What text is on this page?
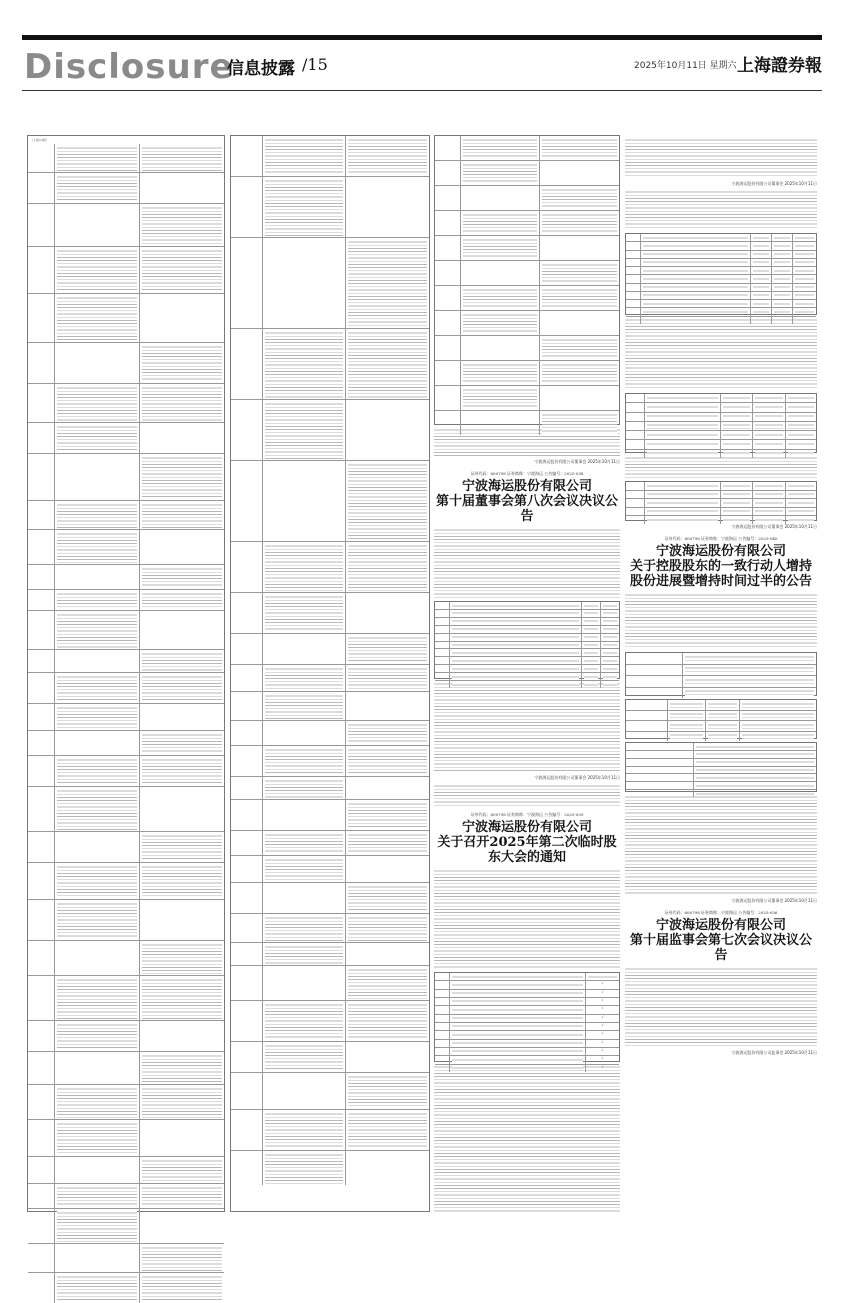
Disclosure
信息披露 /15	2025年10月11日 星期六 上海證券報
（上接14版）
宁波海运股份有限公司董事会 2025年10月11日
证券代码：600798 证券简称：宁波海运 公告编号：2025-038
宁波海运股份有限公司
第十届董事会第八次会议决议公告
宁波海运股份有限公司董事会 2025年10月11日
证券代码：600798 证券简称：宁波海运 公告编号：2025-039
宁波海运股份有限公司
关于召开2025年第二次临时股东大会的通知
√
√
√
√
√
√
√
√
√
√
√
宁波海运股份有限公司董事会 2025年10月11日
宁波海运股份有限公司董事会 2025年10月11日
证券代码：600798 证券简称：宁波海运 公告编号：2025-040
宁波海运股份有限公司
关于控股股东的一致行动人增持股份进展暨增持时间过半的公告
宁波海运股份有限公司董事会 2025年10月11日
证券代码：600798 证券简称：宁波海运 公告编号：2025-036
宁波海运股份有限公司
第十届监事会第七次会议决议公告
宁波海运股份有限公司监事会 2025年10月11日
